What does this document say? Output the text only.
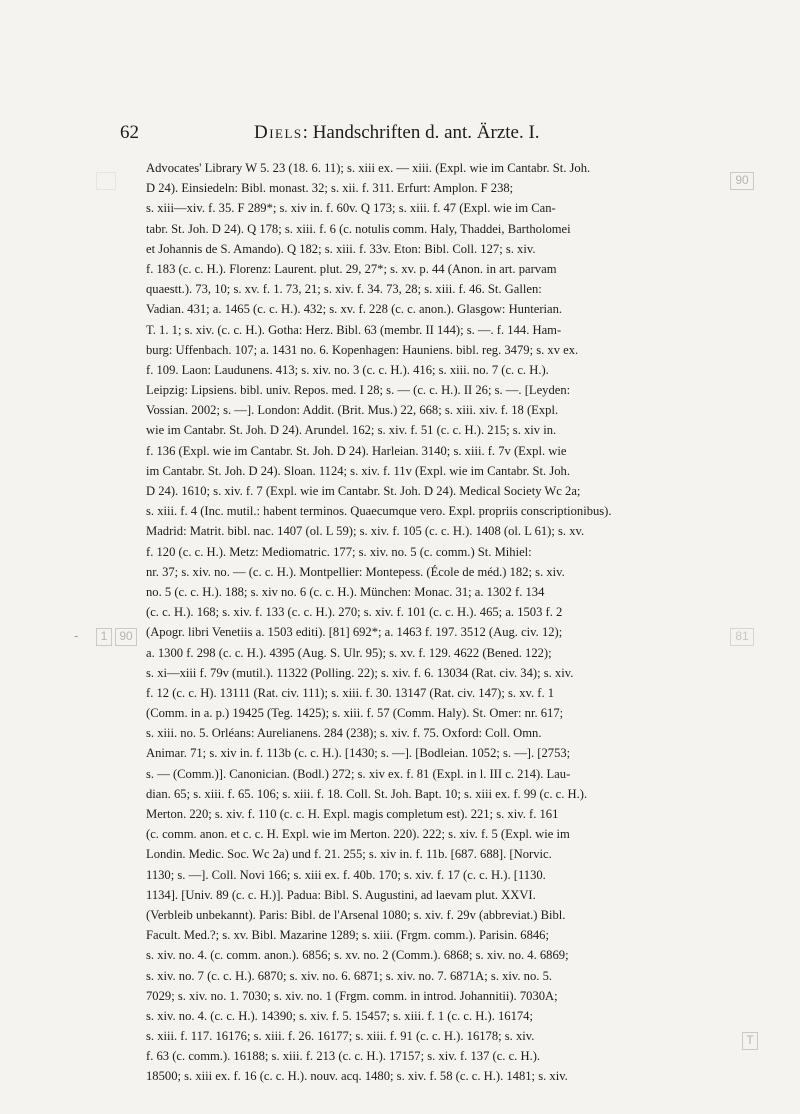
62	Diels: Handschriften d. ant. Ärzte. I.
90
1 90
-	81
T
Advocates' Library W 5. 23 (18. 6. 11); s. xiii ex. — xiii. (Expl. wie im Cantabr. St. Joh.
D 24). Einsiedeln: Bibl. monast. 32; s. xii. f. 311. Erfurt: Amplon. F 238;
s. xiii—xiv. f. 35. F 289*; s. xiv in. f. 60v. Q 173; s. xiii. f. 47 (Expl. wie im Can-
tabr. St. Joh. D 24). Q 178; s. xiii. f. 6 (c. notulis comm. Haly, Thaddei, Bartholomei
et Johannis de S. Amando). Q 182; s. xiii. f. 33v. Eton: Bibl. Coll. 127; s. xiv.
f. 183 (c. c. H.). Florenz: Laurent. plut. 29, 27*; s. xv. p. 44 (Anon. in art. parvam
quaestt.). 73, 10; s. xv. f. 1. 73, 21; s. xiv. f. 34. 73, 28; s. xiii. f. 46. St. Gallen:
Vadian. 431; a. 1465 (c. c. H.). 432; s. xv. f. 228 (c. c. anon.). Glasgow: Hunterian.
T. 1. 1; s. xiv. (c. c. H.). Gotha: Herz. Bibl. 63 (membr. II 144); s. —. f. 144. Ham-
burg: Uffenbach. 107; a. 1431 no. 6. Kopenhagen: Hauniens. bibl. reg. 3479; s. xv ex.
f. 109. Laon: Laudunens. 413; s. xiv. no. 3 (c. c. H.). 416; s. xiii. no. 7 (c. c. H.).
Leipzig: Lipsiens. bibl. univ. Repos. med. I 28; s. — (c. c. H.). II 26; s. —. [Leyden:
Vossian. 2002; s. —]. London: Addit. (Brit. Mus.) 22, 668; s. xiii. xiv. f. 18 (Expl.
wie im Cantabr. St. Joh. D 24). Arundel. 162; s. xiv. f. 51 (c. c. H.). 215; s. xiv in.
f. 136 (Expl. wie im Cantabr. St. Joh. D 24). Harleian. 3140; s. xiii. f. 7v (Expl. wie
im Cantabr. St. Joh. D 24). Sloan. 1124; s. xiv. f. 11v (Expl. wie im Cantabr. St. Joh.
D 24). 1610; s. xiv. f. 7 (Expl. wie im Cantabr. St. Joh. D 24). Medical Society Wc 2a;
s. xiii. f. 4 (Inc. mutil.: habent terminos. Quaecumque vero. Expl. propriis conscriptionibus).
Madrid: Matrit. bibl. nac. 1407 (ol. L 59); s. xiv. f. 105 (c. c. H.). 1408 (ol. L 61); s. xv.
f. 120 (c. c. H.). Metz: Mediomatric. 177; s. xiv. no. 5 (c. comm.) St. Mihiel:
nr. 37; s. xiv. no. — (c. c. H.). Montpellier: Montepess. (École de méd.) 182; s. xiv.
no. 5 (c. c. H.). 188; s. xiv no. 6 (c. c. H.). München: Monac. 31; a. 1302 f. 134
(c. c. H.). 168; s. xiv. f. 133 (c. c. H.). 270; s. xiv. f. 101 (c. c. H.). 465; a. 1503 f. 2
(Apogr. libri Venetiis a. 1503 editi). [81] 692*; a. 1463 f. 197. 3512 (Aug. civ. 12);
a. 1300 f. 298 (c. c. H.). 4395 (Aug. S. Ulr. 95); s. xv. f. 129. 4622 (Bened. 122);
s. xi—xiii f. 79v (mutil.). 11322 (Polling. 22); s. xiv. f. 6. 13034 (Rat. civ. 34); s. xiv.
f. 12 (c. c. H). 13111 (Rat. civ. 111); s. xiii. f. 30. 13147 (Rat. civ. 147); s. xv. f. 1
(Comm. in a. p.) 19425 (Teg. 1425); s. xiii. f. 57 (Comm. Haly). St. Omer: nr. 617;
s. xiii. no. 5. Orléans: Aurelianens. 284 (238); s. xiv. f. 75. Oxford: Coll. Omn.
Animar. 71; s. xiv in. f. 113b (c. c. H.). [1430; s. —]. [Bodleian. 1052; s. —]. [2753;
s. — (Comm.)]. Canonician. (Bodl.) 272; s. xiv ex. f. 81 (Expl. in l. III c. 214). Lau-
dian. 65; s. xiii. f. 65. 106; s. xiii. f. 18. Coll. St. Joh. Bapt. 10; s. xiii ex. f. 99 (c. c. H.).
Merton. 220; s. xiv. f. 110 (c. c. H. Expl. magis completum est). 221; s. xiv. f. 161
(c. comm. anon. et c. c. H. Expl. wie im Merton. 220). 222; s. xiv. f. 5 (Expl. wie im
Londin. Medic. Soc. Wc 2a) und f. 21. 255; s. xiv in. f. 11b. [687. 688]. [Norvic.
1130; s. —]. Coll. Novi 166; s. xiii ex. f. 40b. 170; s. xiv. f. 17 (c. c. H.). [1130.
1134]. [Univ. 89 (c. c. H.)]. Padua: Bibl. S. Augustini, ad laevam plut. XXVI.
(Verbleib unbekannt). Paris: Bibl. de l'Arsenal 1080; s. xiv. f. 29v (abbreviat.) Bibl.
Facult. Med.?; s. xv. Bibl. Mazarine 1289; s. xiii. (Frgm. comm.). Parisin. 6846;
s. xiv. no. 4. (c. comm. anon.). 6856; s. xv. no. 2 (Comm.). 6868; s. xiv. no. 4. 6869;
s. xiv. no. 7 (c. c. H.). 6870; s. xiv. no. 6. 6871; s. xiv. no. 7. 6871A; s. xiv. no. 5.
7029; s. xiv. no. 1. 7030; s. xiv. no. 1 (Frgm. comm. in introd. Johannitii). 7030A;
s. xiv. no. 4. (c. c. H.). 14390; s. xiv. f. 5. 15457; s. xiii. f. 1 (c. c. H.). 16174;
s. xiii. f. 117. 16176; s. xiii. f. 26. 16177; s. xiii. f. 91 (c. c. H.). 16178; s. xiv.
f. 63 (c. comm.). 16188; s. xiii. f. 213 (c. c. H.). 17157; s. xiv. f. 137 (c. c. H.).
18500; s. xiii ex. f. 16 (c. c. H.). nouv. acq. 1480; s. xiv. f. 58 (c. c. H.). 1481; s. xiv.
